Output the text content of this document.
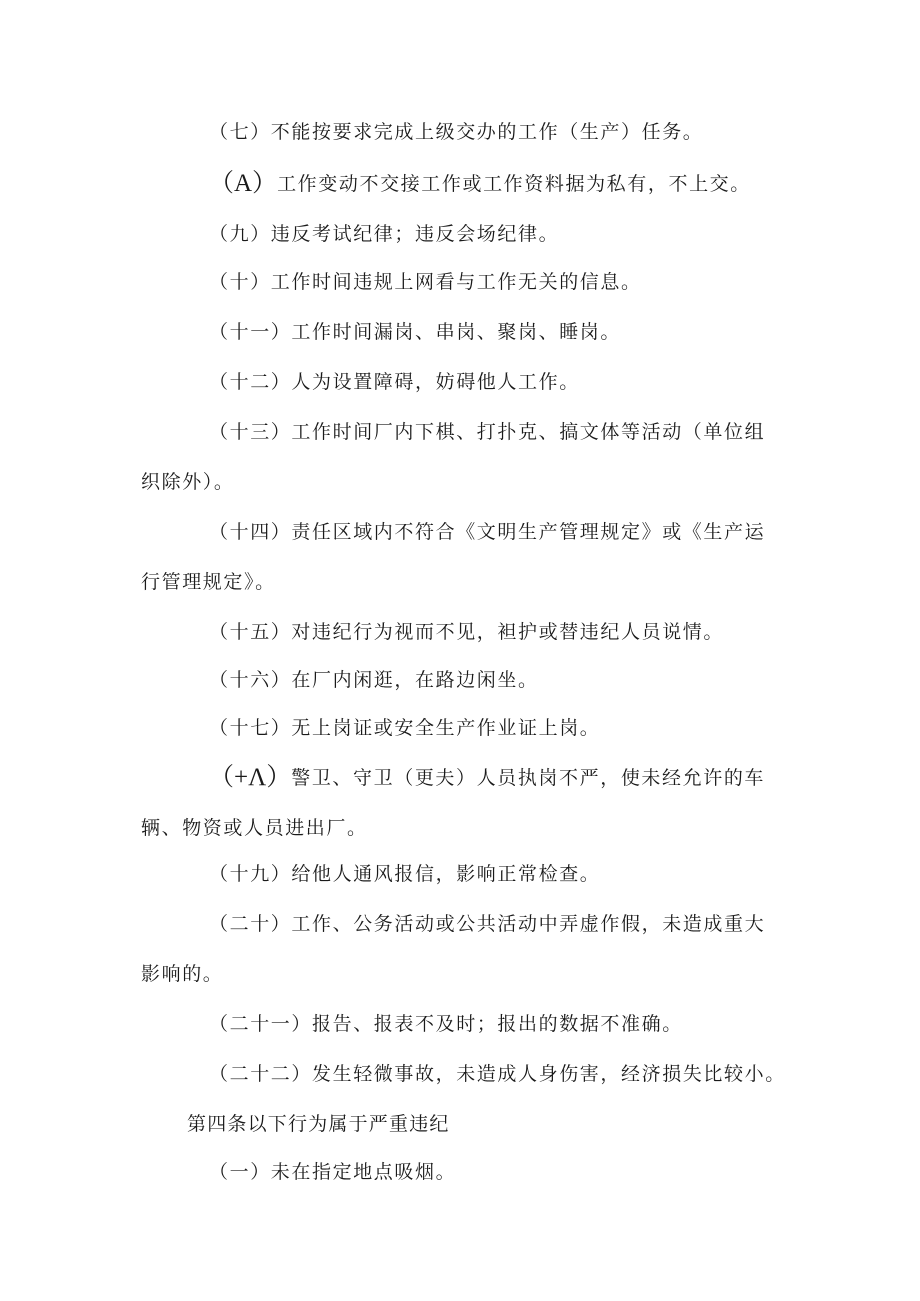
（七）不能按要求完成上级交办的工作（生产）任务。
（A）工作变动不交接工作或工作资料据为私有，不上交。
（九）违反考试纪律；违反会场纪律。
（十）工作时间违规上网看与工作无关的信息。
（十一）工作时间漏岗、串岗、聚岗、睡岗。
（十二）人为设置障碍，妨碍他人工作。
（十三）工作时间厂内下棋、打扑克、搞文体等活动（单位组
织除外）。
（十四）责任区域内不符合《文明生产管理规定》或《生产运
行管理规定》。
（十五）对违纪行为视而不见，袒护或替违纪人员说情。
（十六）在厂内闲逛，在路边闲坐。
（十七）无上岗证或安全生产作业证上岗。
（+Λ）警卫、守卫（更夫）人员执岗不严，使未经允许的车
辆、物资或人员进出厂。
（十九）给他人通风报信，影响正常检查。
（二十）工作、公务活动或公共活动中弄虚作假，未造成重大
影响的。
（二十一）报告、报表不及时；报出的数据不准确。
（二十二）发生轻微事故，未造成人身伤害，经济损失比较小。
第四条以下行为属于严重违纪
（一）未在指定地点吸烟。
